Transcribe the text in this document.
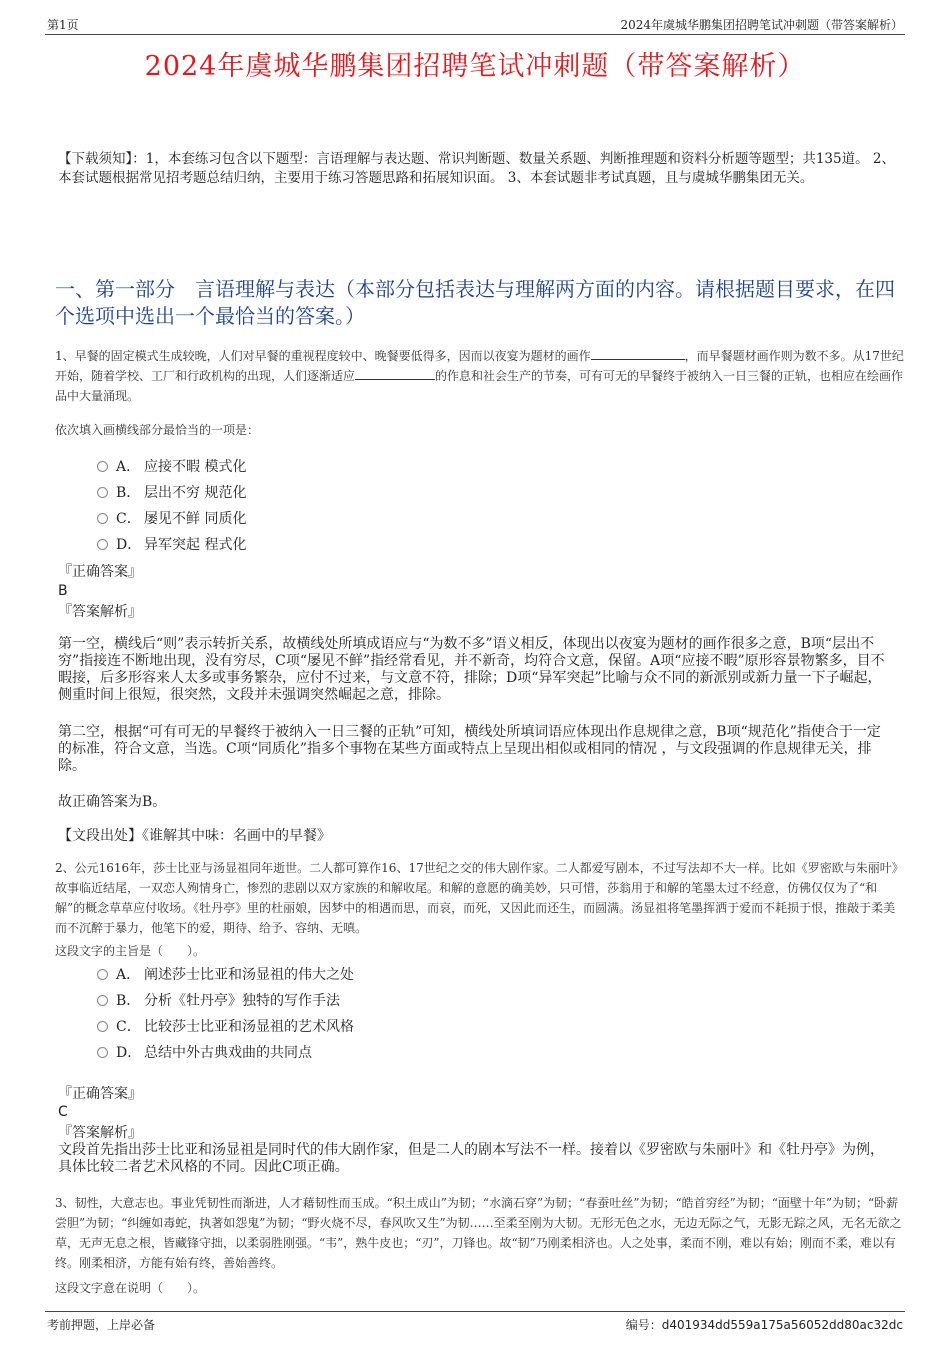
第1页	2024年虞城华鹏集团招聘笔试冲刺题（带答案解析）
2024年虞城华鹏集团招聘笔试冲刺题（带答案解析）
【下载须知】：1，本套练习包含以下题型：言语理解与表达题、常识判断题、数量关系题、判断推理题和资料分析题等题型；共135道。 2、本套试题根据常见招考题总结归纳，主要用于练习答题思路和拓展知识面。 3、本套试题非考试真题，且与虞城华鹏集团无关。
一、第一部分　言语理解与表达（本部分包括表达与理解两方面的内容。请根据题目要求，在四个选项中选出一个最恰当的答案。）
1、早餐的固定模式生成较晚，人们对早餐的重视程度较中、晚餐要低得多，因而以夜宴为题材的画作	，而早餐题材画作则为数不多。从17世纪开始，随着学校、工厂和行政机构的出现，人们逐渐适应	的作息和社会生产的节奏，可有可无的早餐终于被纳入一日三餐的正轨，也相应在绘画作品中大量涌现。
依次填入画横线部分最恰当的一项是：
A． 应接不暇 模式化
B． 层出不穷 规范化
C． 屡见不鲜 同质化
D． 异军突起 程式化
『正确答案』
B
『答案解析』
第一空，横线后“则”表示转折关系，故横线处所填成语应与“为数不多”语义相反，体现出以夜宴为题材的画作很多之意，B项“层出不穷”指接连不断地出现，没有穷尽，C项“屡见不鲜”指经常看见，并不新奇，均符合文意，保留。A项“应接不暇”原形容景物繁多，目不暇接，后多形容来人太多或事务繁杂，应付不过来，与文意不符，排除；D项“异军突起”比喻与众不同的新派别或新力量一下子崛起，侧重时间上很短，很突然，文段并未强调突然崛起之意，排除。
第二空，根据“可有可无的早餐终于被纳入一日三餐的正轨”可知，横线处所填词语应体现出作息规律之意，B项“规范化”指使合于一定的标准，符合文意，当选。C项“同质化”指多个事物在某些方面或特点上呈现出相似或相同的情况 ，与文段强调的作息规律无关，排除。
故正确答案为B。
【文段出处】《谁解其中味：名画中的早餐》
2、公元1616年，莎士比亚与汤显祖同年逝世。二人都可算作16、17世纪之交的伟大剧作家。二人都爱写剧本，不过写法却不大一样。比如《罗密欧与朱丽叶》故事临近结尾，一双恋人殉情身亡，惨烈的悲剧以双方家族的和解收尾。和解的意愿的确美妙，只可惜，莎翁用于和解的笔墨太过不经意，仿佛仅仅为了“和解”的概念草草应付收场。《牡丹亭》里的杜丽娘，因梦中的相遇而思，而哀，而死，又因此而还生，而圆满。汤显祖将笔墨挥洒于爱而不耗损于恨，推敲于柔美而不沉醉于暴力，他笔下的爱，期待、给予、容纳、无嗔。
这段文字的主旨是（　　）。
A． 阐述莎士比亚和汤显祖的伟大之处
B． 分析《牡丹亭》独特的写作手法
C． 比较莎士比亚和汤显祖的艺术风格
D． 总结中外古典戏曲的共同点
『正确答案』
C
『答案解析』
文段首先指出莎士比亚和汤显祖是同时代的伟大剧作家，但是二人的剧本写法不一样。接着以《罗密欧与朱丽叶》和《牡丹亭》为例，具体比较二者艺术风格的不同。因此C项正确。
3、韧性，大意志也。事业凭韧性而渐进，人才藉韧性而玉成。“积土成山”为韧；“水滴石穿”为韧；“春蚕吐丝”为韧；“皓首穷经”为韧；“面壁十年”为韧；“卧薪尝胆”为韧；“纠缠如毒蛇，执著如怨鬼”为韧；“野火烧不尽，春风吹又生”为韧……至柔至刚为大韧。无形无色之水，无边无际之气，无影无踪之风，无名无欲之草，无声无息之根，皆藏锋守拙，以柔弱胜刚强。“韦”，熟牛皮也；“刃”，刀锋也。故“韧”乃刚柔相济也。人之处事，柔而不刚，难以有始；刚而不柔，难以有终。刚柔相济，方能有始有终，善始善终。
这段文字意在说明（　　）。
考前押题，上岸必备	编号：d401934dd559a175a56052dd80ac32dc
